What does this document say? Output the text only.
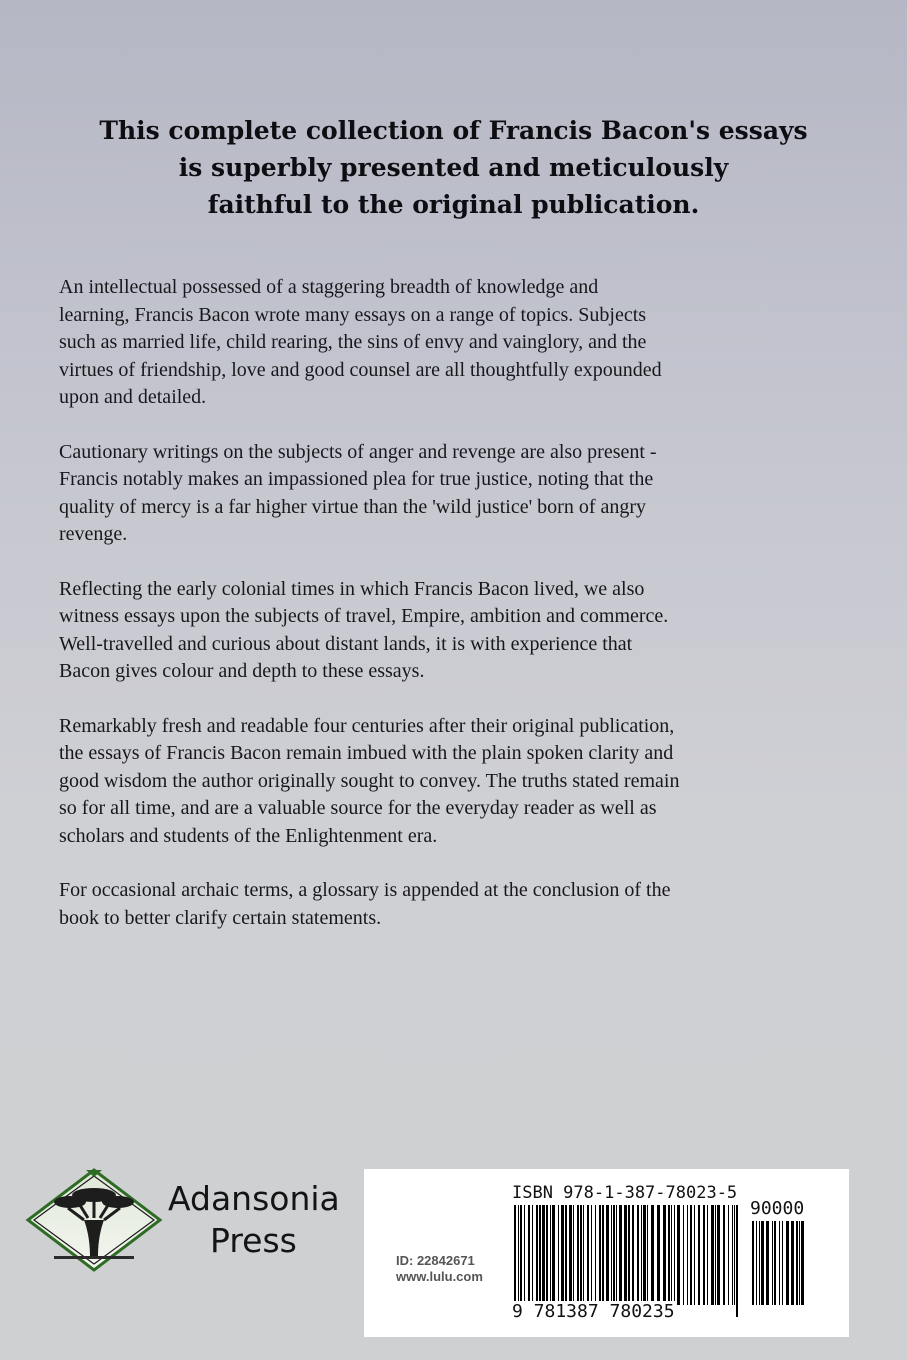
This complete collection of Francis Bacon's essays
is superbly presented and meticulously
faithful to the original publication.
An intellectual possessed of a staggering breadth of knowledge and
learning, Francis Bacon wrote many essays on a range of topics. Subjects
such as married life, child rearing, the sins of envy and vainglory, and the
virtues of friendship, love and good counsel are all thoughtfully expounded
upon and detailed.
Cautionary writings on the subjects of anger and revenge are also present -
Francis notably makes an impassioned plea for true justice, noting that the
quality of mercy is a far higher virtue than the 'wild justice' born of angry
revenge.
Reflecting the early colonial times in which Francis Bacon lived, we also
witness essays upon the subjects of travel, Empire, ambition and commerce.
Well-travelled and curious about distant lands, it is with experience that
Bacon gives colour and depth to these essays.
Remarkably fresh and readable four centuries after their original publication,
the essays of Francis Bacon remain imbued with the plain spoken clarity and
good wisdom the author originally sought to convey. The truths stated remain
so for all time, and are a valuable source for the everyday reader as well as
scholars and students of the Enlightenment era.
For occasional archaic terms, a glossary is appended at the conclusion of the
book to better clarify certain statements.
Adansonia
Press
ISBN 978-1-387-78023-5
ID: 22842671
www.lulu.com
9 781387 780235
90000
